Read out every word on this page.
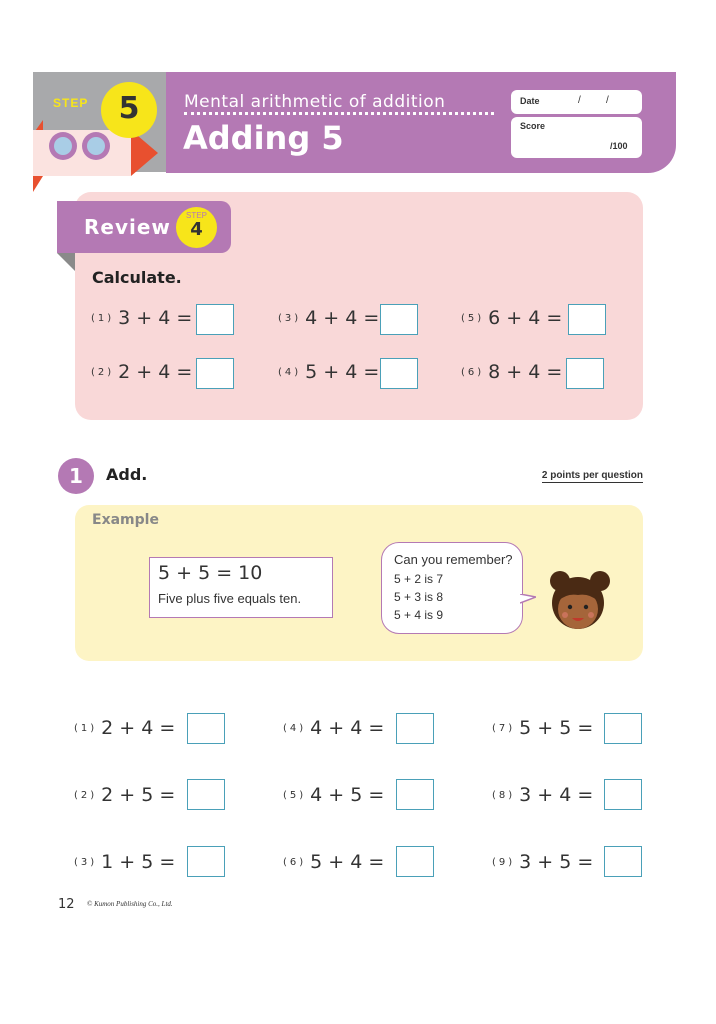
STEP	5	Mental arithmetic of addition
Adding 5
Date	/	/
Score
/100
Review	STEP
4
Calculate.
(1) 3 + 4 =
(2) 2 + 4 =
(3) 4 + 4 =
(4) 5 + 4 =
(5) 6 + 4 =
(6) 8 + 4 =
1	Add.	2 points per question
Example
5 + 5 = 10
Five plus five equals ten.
Can you remember?
5 + 2 is 7
5 + 3 is 8
5 + 4 is 9
(1) 2 + 4 =
(2) 2 + 5 =
(3) 1 + 5 =
(4) 4 + 4 =
(5) 4 + 5 =
(6) 5 + 4 =
(7) 5 + 5 =
(8) 3 + 4 =
(9) 3 + 5 =
12 © Kumon Publishing Co., Ltd.
